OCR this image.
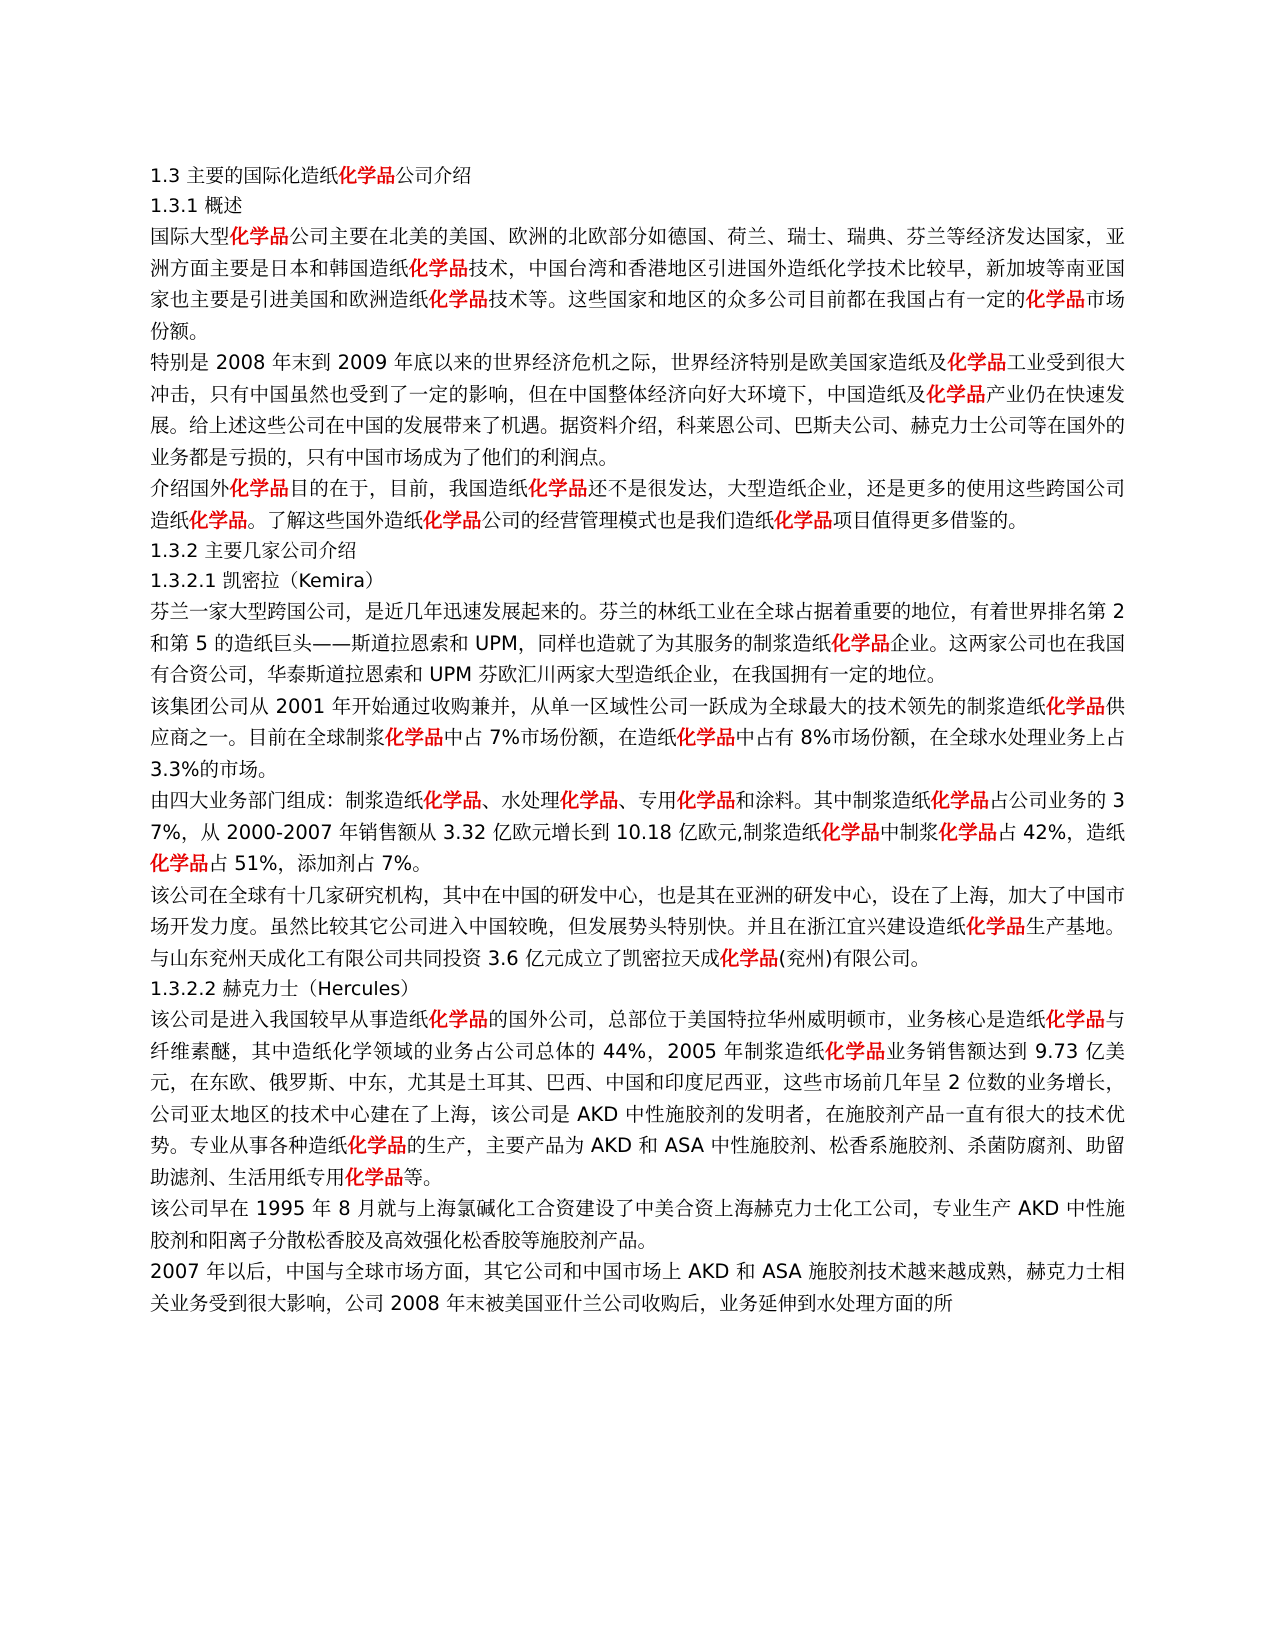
1.3 主要的国际化造纸化学品公司介绍
1.3.1 概述

国际大型化学品公司主要在北美的美国、欧洲的北欧部分如德国、荷兰、瑞士、瑞典、芬兰等经济发达国家，亚洲方面主要是日本和韩国造纸化学品技术，中国台湾和香港地区引进国外造纸化学技术比较早，新加坡等南亚国家也主要是引进美国和欧洲造纸化学品技术等。这些国家和地区的众多公司目前都在我国占有一定的化学品市场份额。

特别是 2008 年末到 2009 年底以来的世界经济危机之际，世界经济特别是欧美国家造纸及化学品工业受到很大冲击，只有中国虽然也受到了一定的影响，但在中国整体经济向好大环境下，中国造纸及化学品产业仍在快速发展。给上述这些公司在中国的发展带来了机遇。据资料介绍，科莱恩公司、巴斯夫公司、赫克力士公司等在国外的业务都是亏损的，只有中国市场成为了他们的利润点。

介绍国外化学品目的在于，目前，我国造纸化学品还不是很发达，大型造纸企业，还是更多的使用这些跨国公司造纸化学品。了解这些国外造纸化学品公司的经营管理模式也是我们造纸化学品项目值得更多借鉴的。

1.3.2 主要几家公司介绍
1.3.2.1 凯密拉（Kemira）

芬兰一家大型跨国公司，是近几年迅速发展起来的。芬兰的林纸工业在全球占据着重要的地位，有着世界排名第 2 和第 5 的造纸巨头——斯道拉恩索和 UPM，同样也造就了为其服务的制浆造纸化学品企业。这两家公司也在我国有合资公司，华泰斯道拉恩索和 UPM 芬欧汇川两家大型造纸企业，在我国拥有一定的地位。

该集团公司从 2001 年开始通过收购兼并，从单一区域性公司一跃成为全球最大的技术领先的制浆造纸化学品供应商之一。目前在全球制浆化学品中占 7%市场份额，在造纸化学品中占有 8%市场份额，在全球水处理业务上占 3.3%的市场。

由四大业务部门组成：制浆造纸化学品、水处理化学品、专用化学品和涂料。其中制浆造纸化学品占公司业务的 37%，从 2000-2007 年销售额从 3.32 亿欧元增长到 10.18 亿欧元,制浆造纸化学品中制浆化学品占 42%，造纸化学品占 51%，添加剂占 7%。

该公司在全球有十几家研究机构，其中在中国的研发中心，也是其在亚洲的研发中心，设在了上海，加大了中国市场开发力度。虽然比较其它公司进入中国较晚，但发展势头特别快。并且在浙江宜兴建设造纸化学品生产基地。与山东兖州天成化工有限公司共同投资 3.6 亿元成立了凯密拉天成化学品(兖州)有限公司。

1.3.2.2 赫克力士（Hercules）

该公司是进入我国较早从事造纸化学品的国外公司，总部位于美国特拉华州威明顿市，业务核心是造纸化学品与纤维素醚，其中造纸化学领域的业务占公司总体的 44%，2005 年制浆造纸化学品业务销售额达到 9.73 亿美元，在东欧、俄罗斯、中东，尤其是土耳其、巴西、中国和印度尼西亚，这些市场前几年呈 2 位数的业务增长，公司亚太地区的技术中心建在了上海，该公司是 AKD 中性施胶剂的发明者，在施胶剂产品一直有很大的技术优势。专业从事各种造纸化学品的生产，主要产品为 AKD 和 ASA 中性施胶剂、松香系施胶剂、杀菌防腐剂、助留助滤剂、生活用纸专用化学品等。

该公司早在 1995 年 8 月就与上海氯碱化工合资建设了中美合资上海赫克力士化工公司，专业生产 AKD 中性施胶剂和阳离子分散松香胶及高效强化松香胶等施胶剂产品。

2007 年以后，中国与全球市场方面，其它公司和中国市场上 AKD 和 ASA 施胶剂技术越来越成熟，赫克力士相关业务受到很大影响，公司 2008 年末被美国亚什兰公司收购后，业务延伸到水处理方面的所
